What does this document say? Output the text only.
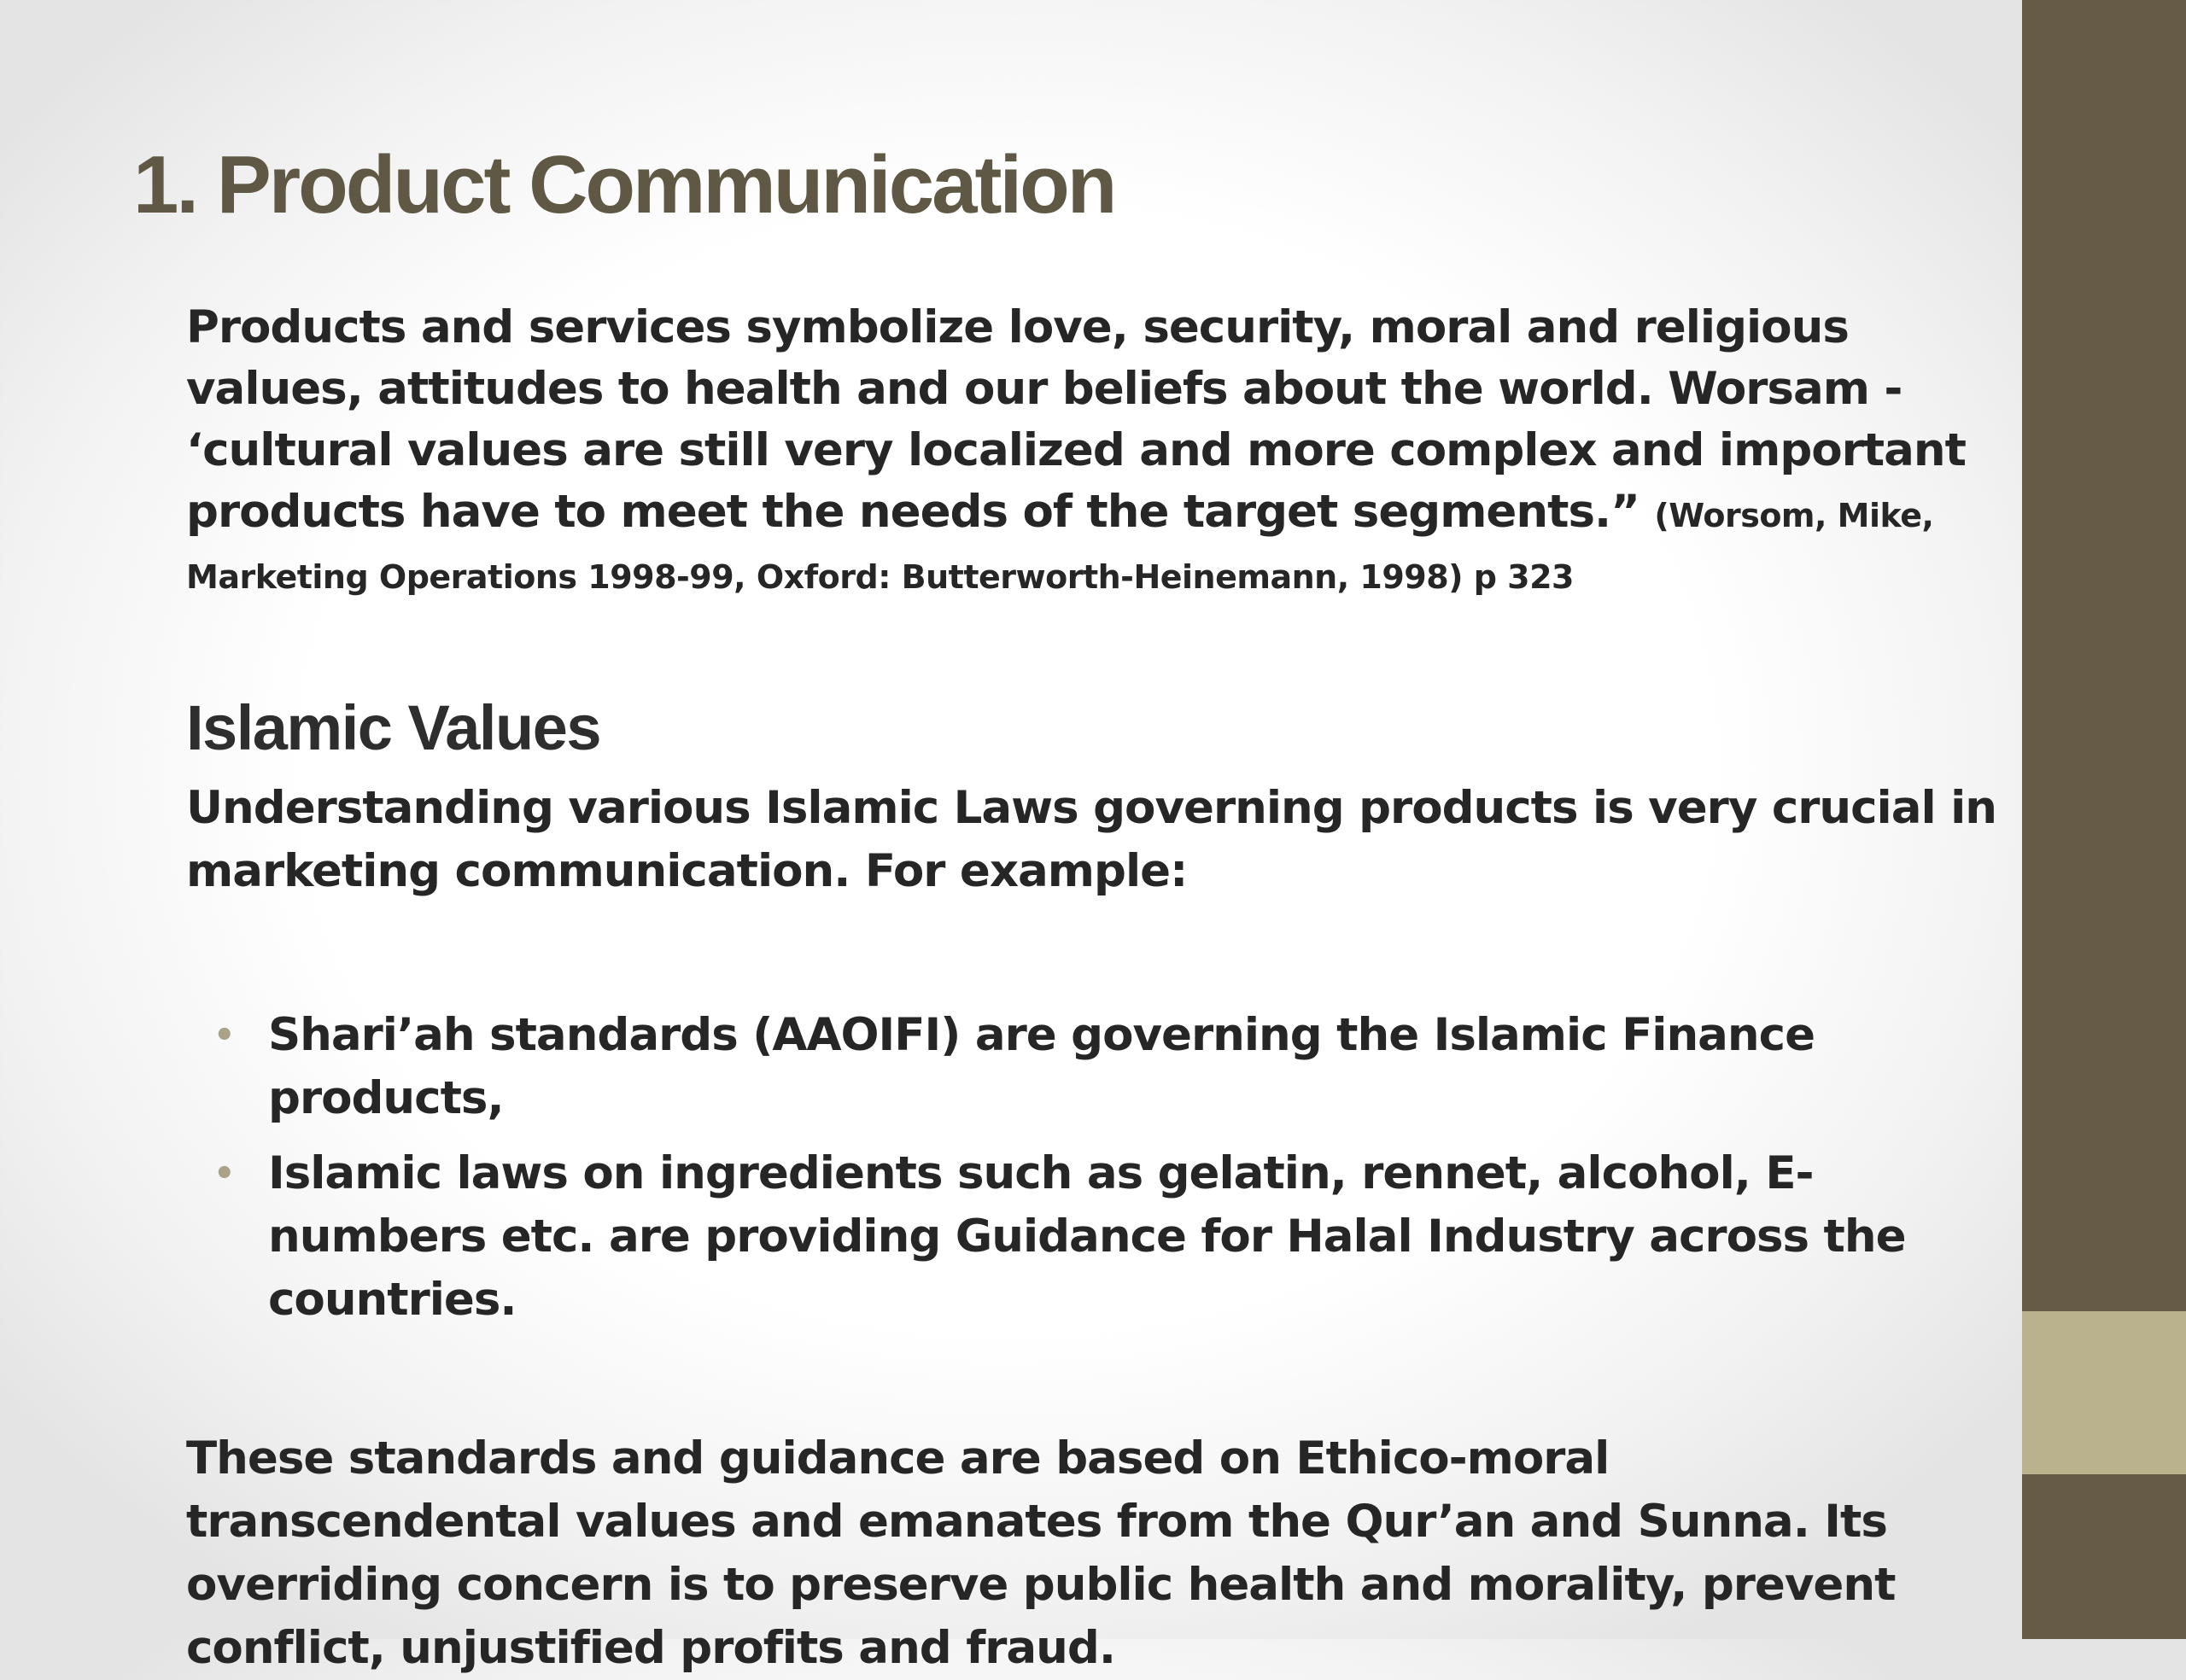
1. Product Communication

Products and services symbolize love, security, moral and religious values, attitudes to health and our beliefs about the world. Worsam - ‘cultural values are still very localized and more complex and important products have to meet the needs of the target segments.” (Worsom, Mike, Marketing Operations 1998-99, Oxford: Butterworth-Heinemann, 1998) p 323

Islamic Values

Understanding various Islamic Laws governing products is very crucial in marketing communication. For example:

• Shari’ah standards (AAOIFI) are governing the Islamic Finance products,
• Islamic laws on ingredients such as gelatin, rennet, alcohol, E-numbers etc. are providing Guidance for Halal Industry across the countries.

These standards and guidance are based on Ethico-moral transcendental values and emanates from the Qur’an and Sunna. Its overriding concern is to preserve public health and morality, prevent conflict, unjustified profits and fraud.
